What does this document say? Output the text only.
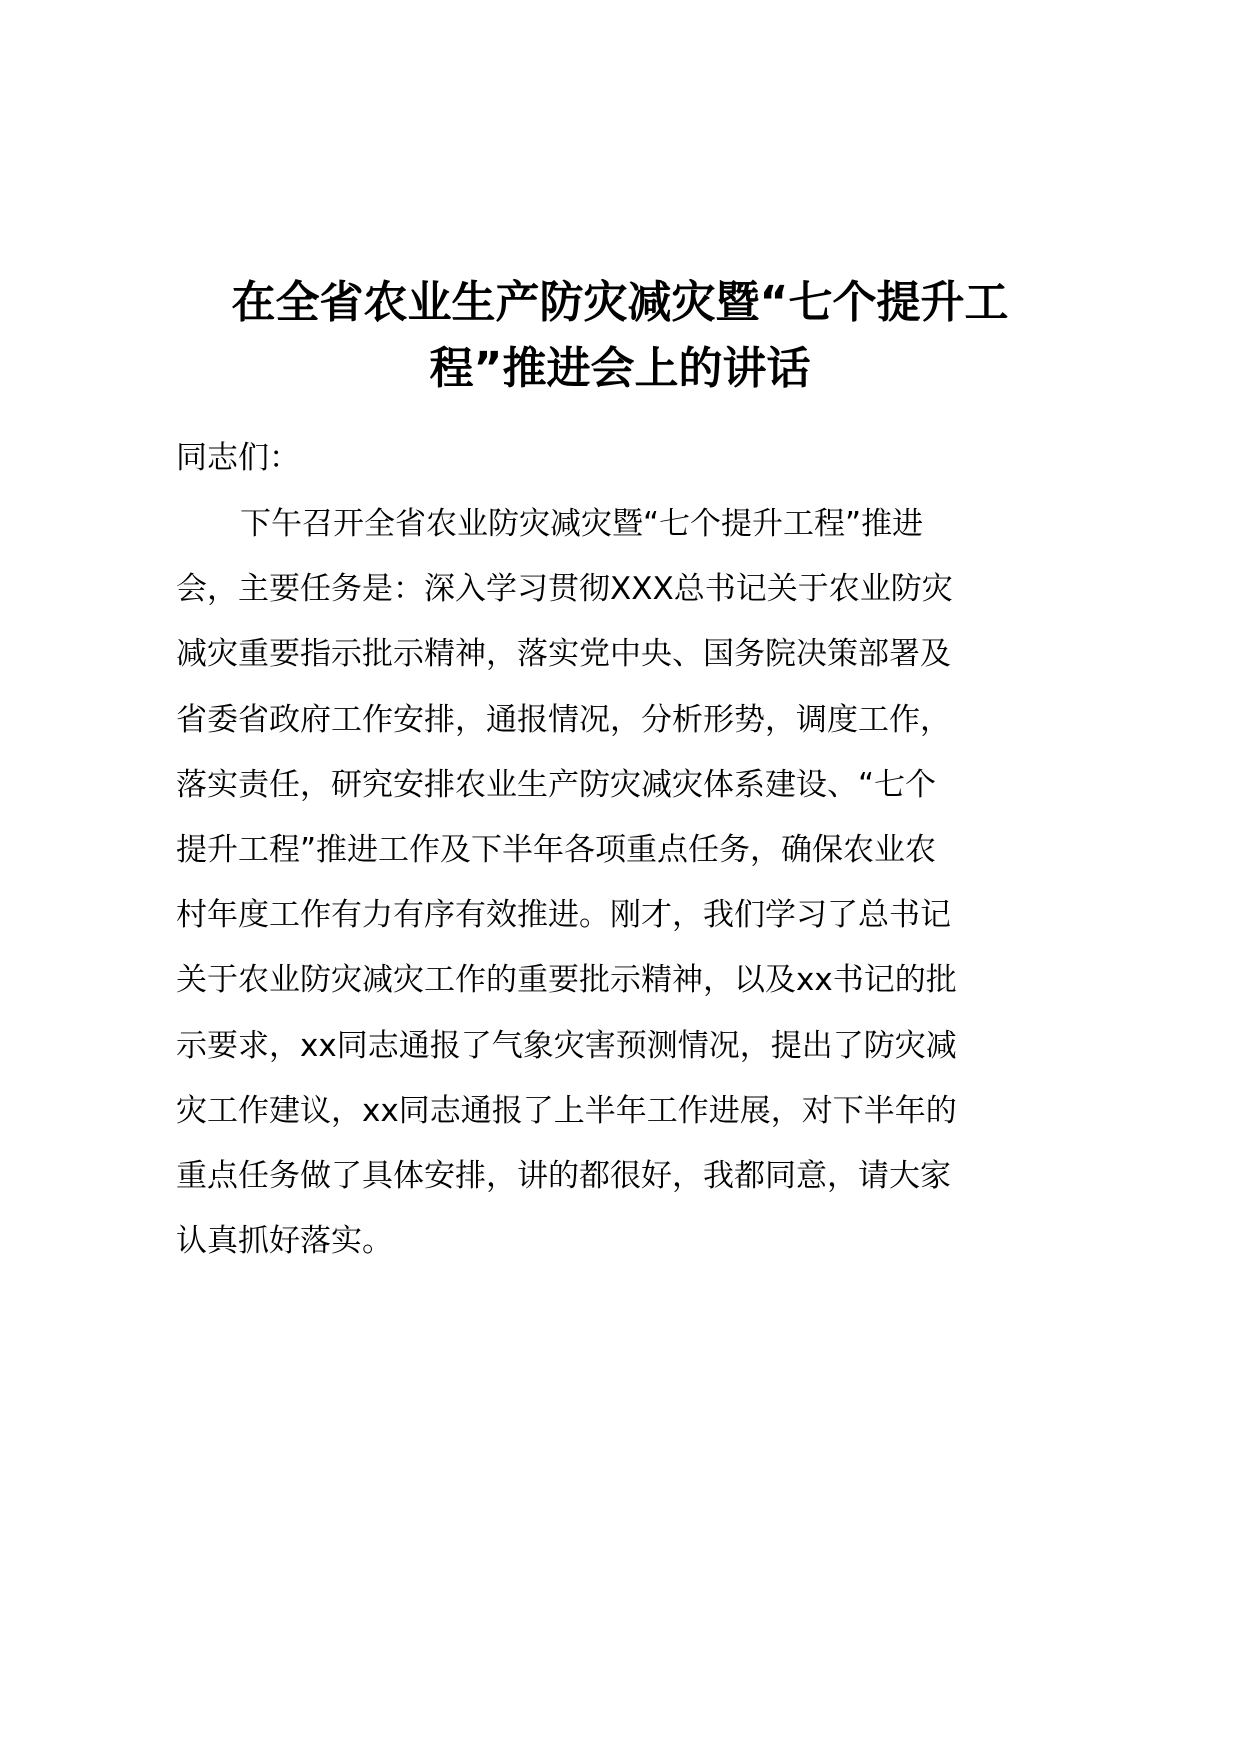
在全省农业生产防灾减灾暨“七个提升工
程”推进会上的讲话
同志们：
下午召开全省农业防灾减灾暨“七个提升工程”推进
会，主要任务是：深入学习贯彻XXX总书记关于农业防灾
减灾重要指示批示精神，落实党中央、国务院决策部署及
省委省政府工作安排，通报情况，分析形势，调度工作，
落实责任，研究安排农业生产防灾减灾体系建设、“七个
提升工程”推进工作及下半年各项重点任务，确保农业农
村年度工作有力有序有效推进。刚才，我们学习了总书记
关于农业防灾减灾工作的重要批示精神，以及xx书记的批
示要求，xx同志通报了气象灾害预测情况，提出了防灾减
灾工作建议，xx同志通报了上半年工作进展，对下半年的
重点任务做了具体安排，讲的都很好，我都同意，请大家
认真抓好落实。
